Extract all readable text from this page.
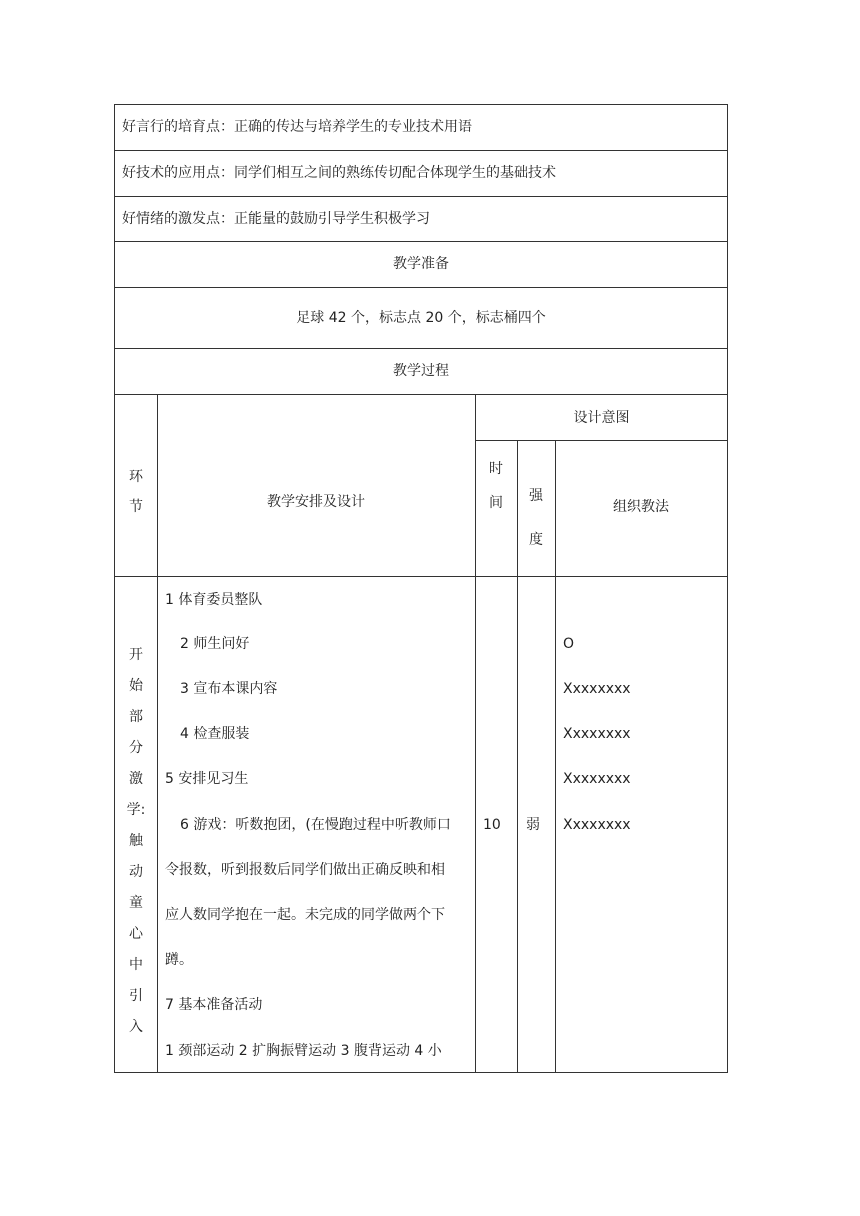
好言行的培育点：正确的传达与培养学生的专业技术用语
好技术的应用点：同学们相互之间的熟练传切配合体现学生的基础技术
好情绪的激发点：正能量的鼓励引导学生积极学习
教学准备
足球 42 个，标志点 20 个，标志桶四个
教学过程
环
节	教学安排及设计
设计意图
时
间	强
度
组织教法
开
始
部
分
激
学:
触
动
童
心
中
引
入
1 体育委员整队
2 师生问好
3 宣布本课内容
4 检查服装
5 安排见习生
6 游戏：听数抱团，(在慢跑过程中听教师口
令报数，听到报数后同学们做出正确反映和相
应人数同学抱在一起。未完成的同学做两个下
蹲。
7 基本准备活动
1 颈部运动 2 扩胸振臂运动 3 腹背运动 4 小
10 弱
O
Xxxxxxxx
Xxxxxxxx
Xxxxxxxx
Xxxxxxxx
